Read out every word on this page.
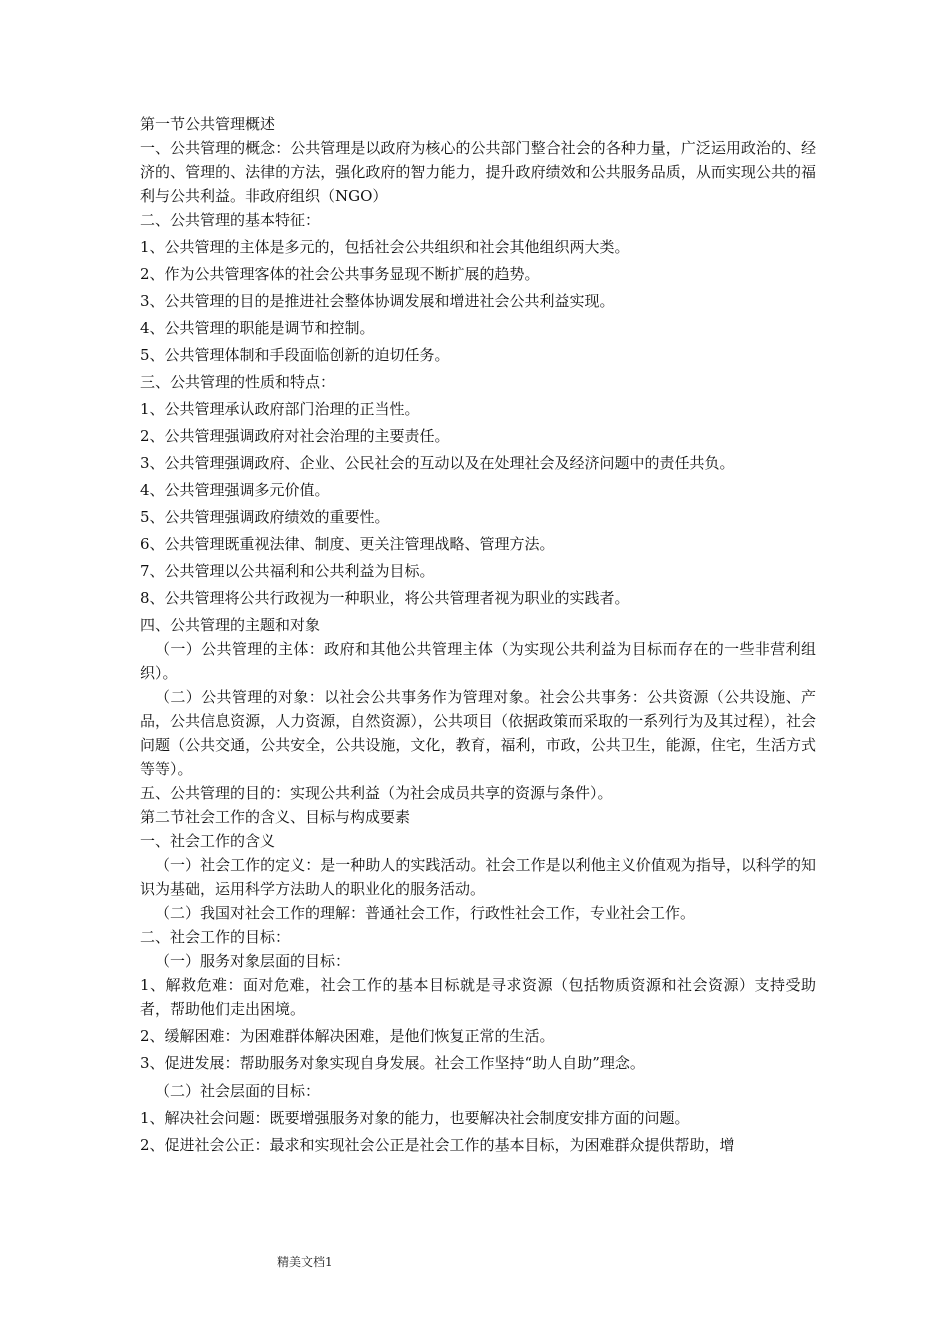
第一节公共管理概述

一、公共管理的概念：公共管理是以政府为核心的公共部门整合社会的各种力量，广泛运用政治的、经济的、管理的、法律的方法，强化政府的智力能力，提升政府绩效和公共服务品质，从而实现公共的福利与公共利益。非政府组织（NGO）

二、公共管理的基本特征：

1、公共管理的主体是多元的，包括社会公共组织和社会其他组织两大类。

2、作为公共管理客体的社会公共事务显现不断扩展的趋势。

3、公共管理的目的是推进社会整体协调发展和增进社会公共利益实现。

4、公共管理的职能是调节和控制。

5、公共管理体制和手段面临创新的迫切任务。

三、公共管理的性质和特点：

1、公共管理承认政府部门治理的正当性。

2、公共管理强调政府对社会治理的主要责任。

3、公共管理强调政府、企业、公民社会的互动以及在处理社会及经济问题中的责任共负。

4、公共管理强调多元价值。

5、公共管理强调政府绩效的重要性。

6、公共管理既重视法律、制度、更关注管理战略、管理方法。

7、公共管理以公共福利和公共利益为目标。

8、公共管理将公共行政视为一种职业，将公共管理者视为职业的实践者。

四、公共管理的主题和对象

（一）公共管理的主体：政府和其他公共管理主体（为实现公共利益为目标而存在的一些非营利组织）。

（二）公共管理的对象：以社会公共事务作为管理对象。社会公共事务：公共资源（公共设施、产品，公共信息资源，人力资源，自然资源），公共项目（依据政策而采取的一系列行为及其过程），社会问题（公共交通，公共安全，公共设施，文化，教育，福利，市政，公共卫生，能源，住宅，生活方式等等）。

五、公共管理的目的：实现公共利益（为社会成员共享的资源与条件）。

第二节社会工作的含义、目标与构成要素

一、社会工作的含义

（一）社会工作的定义：是一种助人的实践活动。社会工作是以利他主义价值观为指导，以科学的知识为基础，运用科学方法助人的职业化的服务活动。

（二）我国对社会工作的理解：普通社会工作，行政性社会工作，专业社会工作。

二、社会工作的目标：

（一）服务对象层面的目标：

1、解救危难：面对危难，社会工作的基本目标就是寻求资源（包括物质资源和社会资源）支持受助者，帮助他们走出困境。

2、缓解困难：为困难群体解决困难，是他们恢复正常的生活。

3、促进发展：帮助服务对象实现自身发展。社会工作坚持“助人自助”理念。

（二）社会层面的目标：

1、解决社会问题：既要增强服务对象的能力，也要解决社会制度安排方面的问题。

2、促进社会公正：最求和实现社会公正是社会工作的基本目标，为困难群众提供帮助，增

精美文档1
